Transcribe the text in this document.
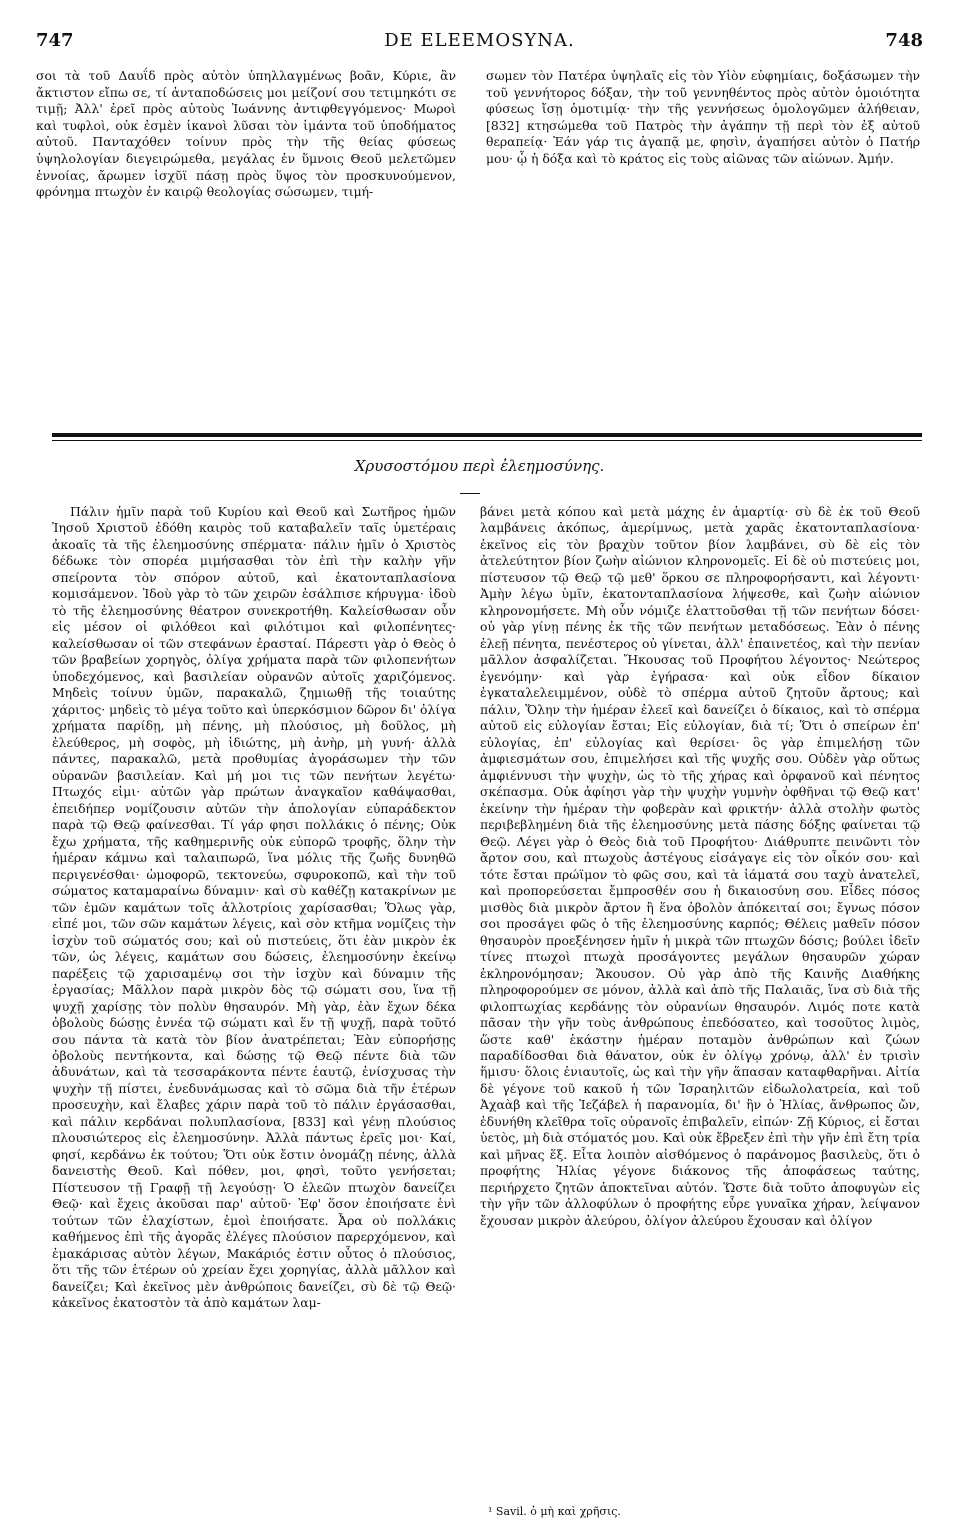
747	DE ELEEMOSYNA.	748

σοι τὰ τοῦ Δαυΐδ πρὸς αὐτὸν ὑπηλλαγμένως βοᾶν, Κύριε, ἂν ἄκτιστον εἴπω σε, τί ἀνταποδώσεις μοι μείζονί σου τετιμηκότι σε τιμῇ; Ἀλλ' ἐρεῖ πρὸς αὐτοὺς Ἰωάννης ἀντιφθεγγόμενος· Μωροὶ καὶ τυφλοὶ, οὐκ ἐσμὲν ἱκανοὶ λῦσαι τὸν ἱμάντα τοῦ ὑποδήματος αὐτοῦ. Πανταχόθεν τοίνυν πρὸς τὴν τῆς θείας φύσεως ὑψηλολογίαν διεγειρώμεθα, μεγάλας ἐν ὕμνοις Θεοῦ μελετῶμεν ἐννοίας, ἄρωμεν ἰσχῦϊ πάσῃ πρὸς ὕψος τὸν προσκυνούμενον, φρόνημα πτωχὸν ἐν καιρῷ θεολογίας σώσωμεν, τιμή-

σωμεν τὸν Πατέρα ὑψηλαῖς εἰς τὸν Υἱὸν εὐφημίαις, δοξάσωμεν τὴν τοῦ γεννήτορος δόξαν, τὴν τοῦ γεννηθέντος πρὸς αὐτὸν ὁμοιότητα φύσεως ἴσῃ ὁμοτιμίᾳ· τὴν τῆς γεννήσεως ὁμολογῶμεν ἀλήθειαν, [832] κτησώμεθα τοῦ Πατρὸς τὴν ἀγάπην τῇ περὶ τὸν ἐξ αὐτοῦ θεραπείᾳ· Ἐάν γάρ τις ἀγαπᾷ με, φησὶν, ἀγαπήσει αὐτὸν ὁ Πατήρ μου· ᾧ ἡ δόξα καὶ τὸ κράτος εἰς τοὺς αἰῶνας τῶν αἰώνων. Ἀμήν.

Χρυσοστόμου περὶ ἐλεημοσύνης.

Πάλιν ἡμῖν παρὰ τοῦ Κυρίου καὶ Θεοῦ καὶ Σωτῆρος ἡμῶν Ἰησοῦ Χριστοῦ ἐδόθη καιρὸς τοῦ καταβαλεῖν ταῖς ὑμετέραις ἀκοαῖς τὰ τῆς ἐλεημοσύνης σπέρματα· πάλιν ἡμῖν ὁ Χριστὸς δέδωκε τὸν σπορέα μιμήσασθαι τὸν ἐπὶ τὴν καλὴν γῆν σπείροντα τὸν σπόρον αὐτοῦ, καὶ ἑκατονταπλασίονα κομισάμενον. Ἰδοὺ γὰρ τὸ τῶν χειρῶν ἐσάλπισε κήρυγμα· ἰδοὺ τὸ τῆς ἐλεημοσύνης θέατρον συνεκροτήθη. Καλείσθωσαν οὖν εἰς μέσον οἱ φιλόθεοι καὶ φιλότιμοι καὶ φιλοπένητες· καλείσθωσαν οἱ τῶν στεφάνων ἐρασταί. Πάρεστι γὰρ ὁ Θεὸς ὁ τῶν βραβείων χορηγὸς, ὀλίγα χρήματα παρὰ τῶν φιλοπενήτων ὑποδεχόμενος, καὶ βασιλείαν οὐρανῶν αὐτοῖς χαριζόμενος. Μηδεὶς τοίνυν ὑμῶν, παρακαλῶ, ζημιωθῇ τῆς τοιαύτης χάριτος· μηδεὶς τὸ μέγα τοῦτο καὶ ὑπερκόσμιον δῶρον δι' ὀλίγα χρήματα παρίδῃ, μὴ πένης, μὴ πλούσιος, μὴ δοῦλος, μὴ ἐλεύθερος, μὴ σοφὸς, μὴ ἰδιώτης, μὴ ἀνὴρ, μὴ γυνή· ἀλλὰ πάντες, παρακαλῶ, μετὰ προθυμίας ἀγοράσωμεν τὴν τῶν οὐρανῶν βασιλείαν. Καὶ μή μοι τις τῶν πενήτων λεγέτω· Πτωχός εἰμι· αὐτῶν γὰρ πρώτων ἀναγκαῖον καθάψασθαι, ἐπειδήπερ νομίζουσιν αὐτῶν τὴν ἀπολογίαν εὐπαράδεκτον παρὰ τῷ Θεῷ φαίνεσθαι. Τί γάρ φησι πολλάκις ὁ πένης; Οὐκ ἔχω χρήματα, τῆς καθημερινῆς οὐκ εὐπορῶ τροφῆς, ὅλην τὴν ἡμέραν κάμνω καὶ ταλαιπωρῶ, ἵνα μόλις τῆς ζωῆς δυνηθῶ περιγενέσθαι· ὡμοφορῶ, τεκτονεύω, σφυροκοπῶ, καὶ τὴν τοῦ σώματος καταμαραίνω δύναμιν· καὶ σὺ καθέζῃ κατακρίνων με τῶν ἐμῶν καμάτων τοῖς ἀλλοτρίοις χαρίσασθαι; Ὅλως γὰρ, εἰπέ μοι, τῶν σῶν καμάτων λέγεις, καὶ σὸν κτῆμα νομίζεις τὴν ἰσχὺν τοῦ σώματός σου; καὶ οὐ πιστεύεις, ὅτι ἐὰν μικρὸν ἐκ τῶν, ὡς λέγεις, καμάτων σου δώσεις, ἐλεημοσύνην ἐκείνῳ παρέξεις τῷ χαρισαμένῳ σοι τὴν ἰσχὺν καὶ δύναμιν τῆς ἐργασίας; Μᾶλλον παρὰ μικρὸν δὸς τῷ σώματι σου, ἵνα τῇ ψυχῇ χαρίσῃς τὸν πολὺν θησαυρόν. Μὴ γὰρ, ἐὰν ἔχων δέκα ὀβολοὺς δώσῃς ἐννέα τῷ σώματι καὶ ἕν τῇ ψυχῇ, παρὰ τοῦτό σου πάντα τὰ κατὰ τὸν βίον ἀνατρέπεται; Ἐὰν εὐπορήσῃς ὀβολοὺς πεντήκοντα, καὶ δώσῃς τῷ Θεῷ πέντε διὰ τῶν ἀδυνάτων, καὶ τὰ τεσσαράκοντα πέντε ἑαυτῷ, ἐνίσχυσας τὴν ψυχὴν τῇ πίστει, ἐνεδυνάμωσας καὶ τὸ σῶμα διὰ τῆν ἑτέρων προσευχὴν, καὶ ἔλαβες χάριν παρὰ τοῦ τὸ πάλιν ἐργάσασθαι, καὶ πάλιν κερδάναι πολυπλασίονα, [833] καὶ γένῃ πλούσιος πλουσιώτερος εἰς ἐλεημοσύνην. Ἀλλὰ πάντως ἐρεῖς μοι· Καί, φησί, κερδάνω ἐκ τούτου; Ὅτι οὐκ ἔστιν ὀνομάζῃ πένης, ἀλλὰ δανειστὴς Θεοῦ. Καὶ πόθεν, μοι, φησὶ, τοῦτο γενήσεται; Πίστευσον τῇ Γραφῇ τῇ λεγούσῃ· Ὁ ἐλεῶν πτωχὸν δανείζει Θεῷ· καὶ ἔχεις ἀκοῦσαι παρ' αὐτοῦ· Ἐφ' ὅσον ἐποιήσατε ἑνὶ τούτων τῶν ἐλαχίστων, ἐμοὶ ἐποιήσατε. Ἆρα οὐ πολλάκις καθήμενος ἐπὶ τῆς ἀγορᾶς ἐλέγες πλούσιον παρερχόμενον, καὶ ἐμακάρισας αὐτὸν λέγων, Μακάριός ἐστιν οὗτος ὁ πλούσιος, ὅτι τῆς τῶν ἑτέρων οὐ χρείαν ἔχει χορηγίας, ἀλλὰ μᾶλλον καὶ δανείζει; Καὶ ἐκεῖνος μὲν ἀνθρώποις δανείζει, σὺ δὲ τῷ Θεῷ· κἀκεῖνος ἑκατοστὸν τὰ ἀπὸ καμάτων λαμ-

βάνει μετὰ κόπου καὶ μετὰ μάχης ἐν ἁμαρτίᾳ· σὺ δὲ ἐκ τοῦ Θεοῦ λαμβάνεις ἀκόπως, ἀμερίμνως, μετὰ χαρᾶς ἑκατονταπλασίονα· ἐκεῖνος εἰς τὸν βραχὺν τοῦτον βίον λαμβάνει, σὺ δὲ εἰς τὸν ἀτελεύτητον βίον ζωὴν αἰώνιον κληρονομεῖς. Εἰ δὲ οὐ πιστεύεις μοι, πίστευσον τῷ Θεῷ τῷ μεθ' ὅρκου σε πληροφορήσαντι, καὶ λέγοντι· Ἀμὴν λέγω ὑμῖν, ἑκατονταπλασίονα λήψεσθε, καὶ ζωὴν αἰώνιον κληρονομήσετε. Μὴ οὖν νόμιζε ἐλαττοῦσθαι τῇ τῶν πενήτων δόσει· οὐ γὰρ γίνῃ πένης ἐκ τῆς τῶν πενήτων μεταδόσεως. Ἐὰν ὁ πένης ἐλεῇ πένητα, πενέστερος οὐ γίνεται, ἀλλ' ἐπαινετέος, καὶ τὴν πενίαν μᾶλλον ἀσφαλίζεται. Ἤκουσας τοῦ Προφήτου λέγοντος· Νεώτερος ἐγενόμην· καὶ γὰρ ἐγήρασα· καὶ οὐκ εἶδον δίκαιον ἐγκαταλελειμμένον, οὐδὲ τὸ σπέρμα αὐτοῦ ζητοῦν ἄρτους; καὶ πάλιν, Ὅλην τὴν ἡμέραν ἐλεεῖ καὶ δανείζει ὁ δίκαιος, καὶ τὸ σπέρμα αὐτοῦ εἰς εὐλογίαν ἔσται; Εἰς εὐλογίαν, διὰ τί; Ὅτι ὁ σπείρων ἐπ' εὐλογίας, ἐπ' εὐλογίας καὶ θερίσει· ὃς γὰρ ἐπιμελήσῃ τῶν ἀμφιεσμάτων σου, ἐπιμελήσει καὶ τῆς ψυχῆς σου. Οὐδὲν γὰρ οὕτως ἀμφιέννυσι τὴν ψυχὴν, ὡς τὸ τῆς χήρας καὶ ὀρφανοῦ καὶ πένητος σκέπασμα. Οὐκ ἀφίησι γὰρ τὴν ψυχὴν γυμνὴν ὀφθῆναι τῷ Θεῷ κατ' ἐκείνην τὴν ἡμέραν τὴν φοβερὰν καὶ φρικτήν· ἀλλὰ στολὴν φωτὸς περιβεβλημένη διὰ τῆς ἐλεημοσύνης μετὰ πάσης δόξης φαίνεται τῷ Θεῷ. Λέγει γὰρ ὁ Θεὸς διὰ τοῦ Προφήτου· Διάθρυπτε πεινῶντι τὸν ἄρτον σου, καὶ πτωχοὺς ἀστέγους εἰσάγαγε εἰς τὸν οἶκόν σου· καὶ τότε ἔσται πρώϊμον τὸ φῶς σου, καὶ τὰ ἰάματά σου ταχὺ ἀνατελεῖ, καὶ προπορεύσεται ἔμπροσθέν σου ἡ δικαιοσύνη σου. Εἶδες πόσος μισθὸς διὰ μικρὸν ἄρτον ἢ ἕνα ὀβολὸν ἀπόκειταί σοι; ἔγνως πόσον σοι προσάγει φῶς ὁ τῆς ἐλεημοσύνης καρπός; Θέλεις μαθεῖν πόσον θησαυρὸν προεξένησεν ἡμῖν ἡ μικρὰ τῶν πτωχῶν δόσις; βούλει ἰδεῖν τίνες πτωχοὶ πτωχὰ προσάγοντες μεγάλων θησαυρῶν χώραν ἐκληρονόμησαν; Ἄκουσον. Οὐ γὰρ ἀπὸ τῆς Καινῆς Διαθήκης πληροφορούμεν σε μόνον, ἀλλὰ καὶ ἀπὸ τῆς Παλαιᾶς, ἵνα σὺ διὰ τῆς φιλοπτωχίας κερδάνῃς τὸν οὐρανίων θησαυρόν. Λιμός ποτε κατὰ πᾶσαν τὴν γῆν τοὺς ἀνθρώπους ἐπεδόσατεο, καὶ τοσοῦτος λιμὸς, ὥστε καθ' ἑκάστην ἡμέραν ποταμὸν ἀνθρώπων καὶ ζώων παραδίδοσθαι διὰ θάνατον, οὐκ ἐν ὀλίγῳ χρόνῳ, ἀλλ' ἐν τρισὶν ἥμισυ· ὅλοις ἐνιαυτοῖς, ὡς καὶ τὴν γῆν ἅπασαν καταφθαρῆναι. Αἰτία δὲ γέγονε τοῦ κακοῦ ἡ τῶν Ἰσραηλιτῶν εἰδωλολατρεία, καὶ τοῦ Ἀχαὰβ καὶ τῆς Ἰεζάβελ ἡ παρανομία, δι' ἣν ὁ Ἠλίας, ἄνθρωπος ὤν, ἐδυνήθη κλεῖθρα τοῖς οὐρανοῖς ἐπιβαλεῖν, εἰπών· Ζῇ Κύριος, εἰ ἔσται ὑετὸς, μὴ διὰ στόματός μου. Καὶ οὐκ ἔβρεξεν ἐπὶ τὴν γῆν ἐπὶ ἔτη τρία καὶ μῆνας ἕξ. Εἶτα λοιπὸν αἰσθόμενος ὁ παράνομος βασιλεὺς, ὅτι ὁ προφήτης Ἠλίας γέγονε διάκονος τῆς ἀποφάσεως ταύτης, περιήρχετο ζητῶν ἀποκτεῖναι αὐτόν. Ὥστε διὰ τοῦτο ἀποφυγὼν εἰς τὴν γῆν τῶν ἀλλοφύλων ὁ προφήτης εὗρε γυναῖκα χήραν, λείψανον ἔχουσαν μικρὸν ἀλεύρου, ὀλίγον ἀλεύρου ἔχουσαν καὶ ὀλίγον

¹ Savil. ὁ μὴ καὶ χρῆσις.
